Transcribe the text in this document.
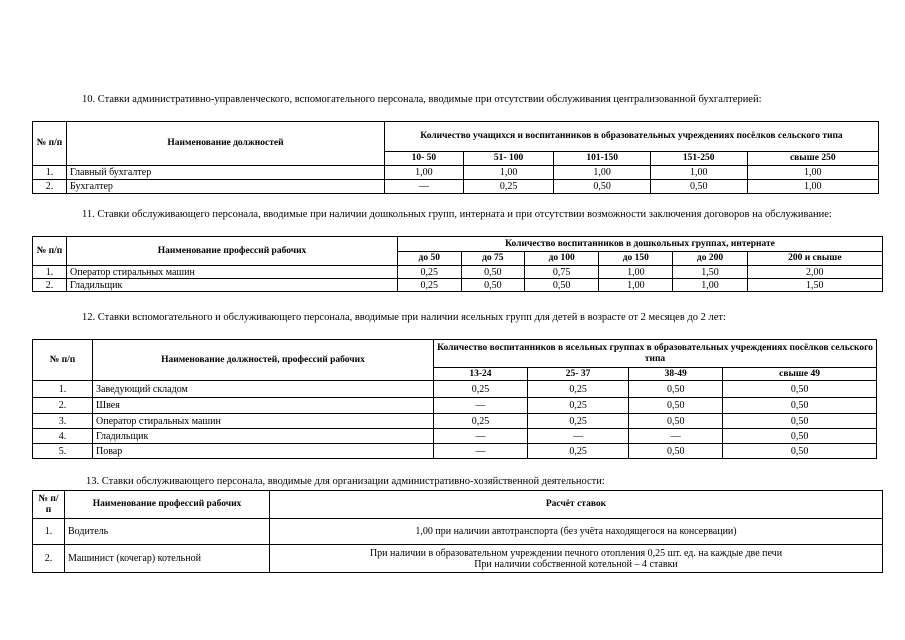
10. Ставки административно-управленческого, вспомогательного персонала, вводимые при отсутствии обслуживания централизованной бухгалтерией:

№ п/п	Наименование должностей	Количество учащихся и воспитанников в образовательных учреждениях посёлков сельского типа				
		10- 50	51- 100	101-150	151-250	свыше 250
1.	Главный бухгалтер	1,00	1,00	1,00	1,00	1,00
2.	Бухгалтер	—	0,25	0,50	0,50	1,00

11. Ставки обслуживающего персонала, вводимые при наличии дошкольных групп, интерната и при отсутствии возможности заключения договоров на обслуживание:

№ п/п	Наименование профессий рабочих	Количество воспитанников в дошкольных группах, интернате					
		до 50	до 75	до 100	до 150	до 200	200 и свыше
1.	Оператор стиральных машин	0,25	0,50	0,75	1,00	1,50	2,00
2.	Гладильщик	0,25	0,50	0,50	1,00	1,00	1,50

12. Ставки вспомогательного и обслуживающего персонала, вводимые при наличии ясельных групп для детей в возрасте от 2 месяцев до 2 лет:

№ п/п	Наименование должностей, профессий рабочих	Количество воспитанников в ясельных группах в образовательных учреждениях посёлков сельского типа			
		13-24	25- 37	38-49	свыше 49
1.	Заведующий складом	0,25	0,25	0,50	0,50
2.	Швея	—	0,25	0,50	0,50
3.	Оператор стиральных машин	0,25	0,25	0,50	0,50
4.	Гладильщик	—	—	—	0,50
5.	Повар	—	0,25	0,50	0,50

13. Ставки обслуживающего персонала, вводимые для организации административно-хозяйственной деятельности:

№ п/п	Наименование профессий рабочих	Расчёт ставок
1.	Водитель	1,00 при наличии автотранспорта (без учёта находящегося на консервации)

2.	Машинист (кочегар) котельной	При наличии в образовательном учреждении печного отопления 0,25 шт. ед. на каждые две печи
При наличии собственной котельной – 4 ставки
